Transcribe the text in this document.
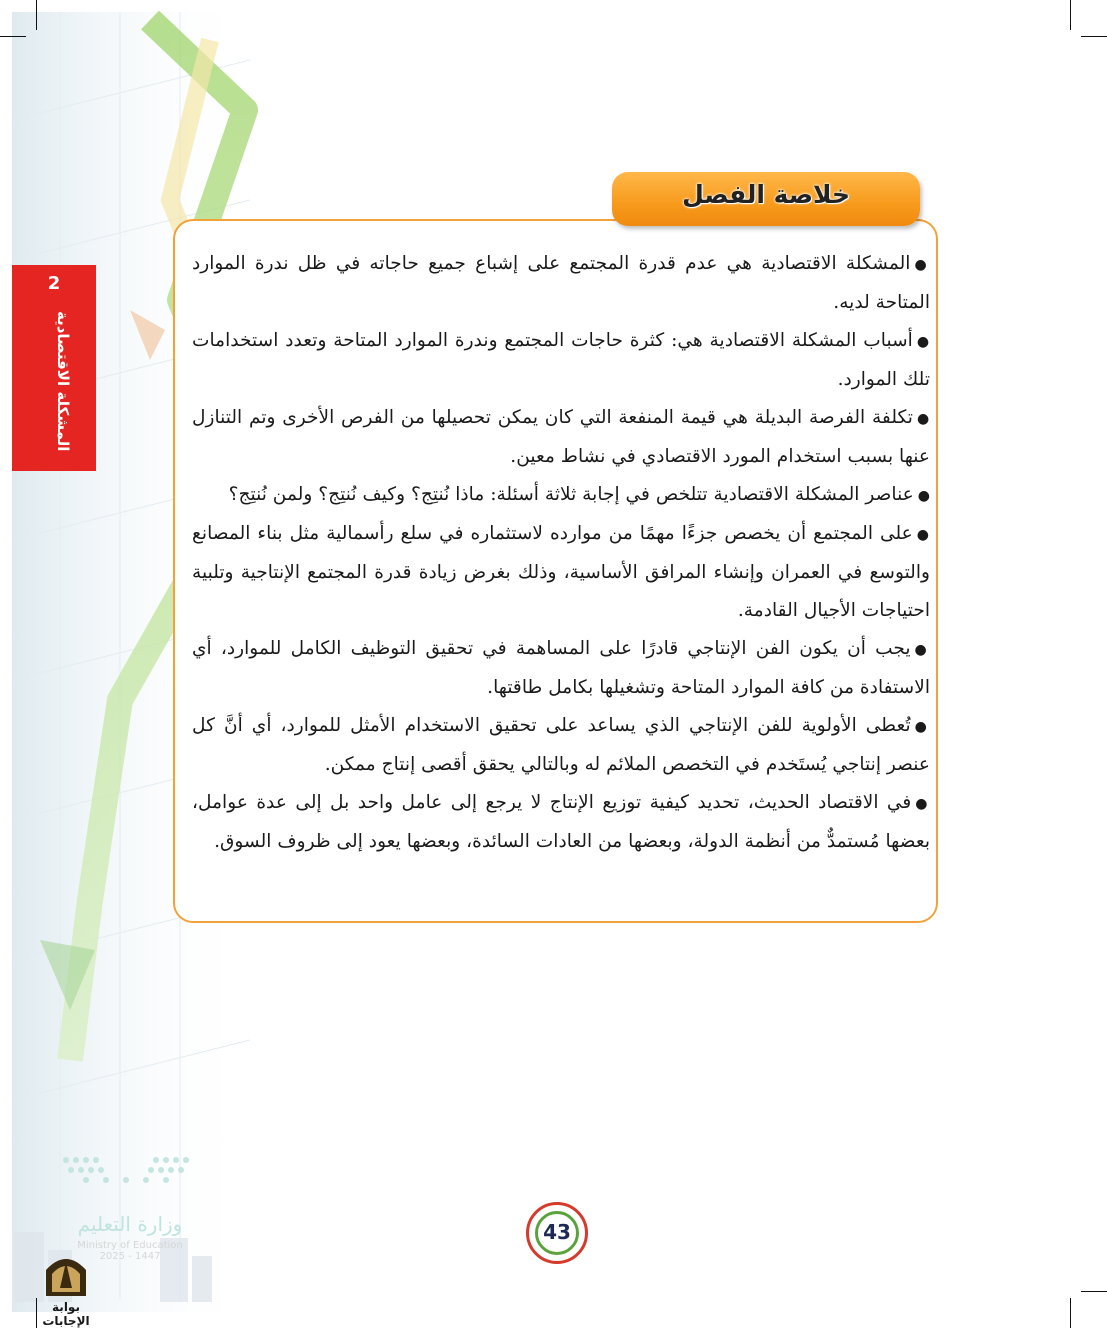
2
المشكلة الاقتصادية
خلاصة الفصل

●المشكلة الاقتصادية هي عدم قدرة المجتمع على إشباع جميع حاجاته في ظل ندرة الموارد المتاحة لديه.

●أسباب المشكلة الاقتصادية هي: كثرة حاجات المجتمع وندرة الموارد المتاحة وتعدد استخدامات تلك الموارد.

●تكلفة الفرصة البديلة هي قيمة المنفعة التي كان يمكن تحصيلها من الفرص الأخرى وتم التنازل عنها بسبب استخدام المورد الاقتصادي في نشاط معين.

●عناصر المشكلة الاقتصادية تتلخص في إجابة ثلاثة أسئلة: ماذا نُنتِج؟ وكيف نُنتِج؟ ولمن نُنتِج؟

●على المجتمع أن يخصص جزءًا مهمًا من موارده لاستثماره في سلع رأسمالية مثل بناء المصانع والتوسع في العمران وإنشاء المرافق الأساسية، وذلك بغرض زيادة قدرة المجتمع الإنتاجية وتلبية احتياجات الأجيال القادمة.

●يجب أن يكون الفن الإنتاجي قادرًا على المساهمة في تحقيق التوظيف الكامل للموارد، أي الاستفادة من كافة الموارد المتاحة وتشغيلها بكامل طاقتها.

●تُعطى الأولوية للفن الإنتاجي الذي يساعد على تحقيق الاستخدام الأمثل للموارد، أي أنَّ كل عنصر إنتاجي يُستَخدم في التخصص الملائم له وبالتالي يحقق أقصى إنتاج ممكن.

●في الاقتصاد الحديث، تحديد كيفية توزيع الإنتاج لا يرجع إلى عامل واحد بل إلى عدة عوامل، بعضها مُستمدٌّ من أنظمة الدولة، وبعضها من العادات السائدة، وبعضها يعود إلى ظروف السوق.

43
وزارة التعليم
Ministry of Education
2025 - 1447
بوابة الإجابات
